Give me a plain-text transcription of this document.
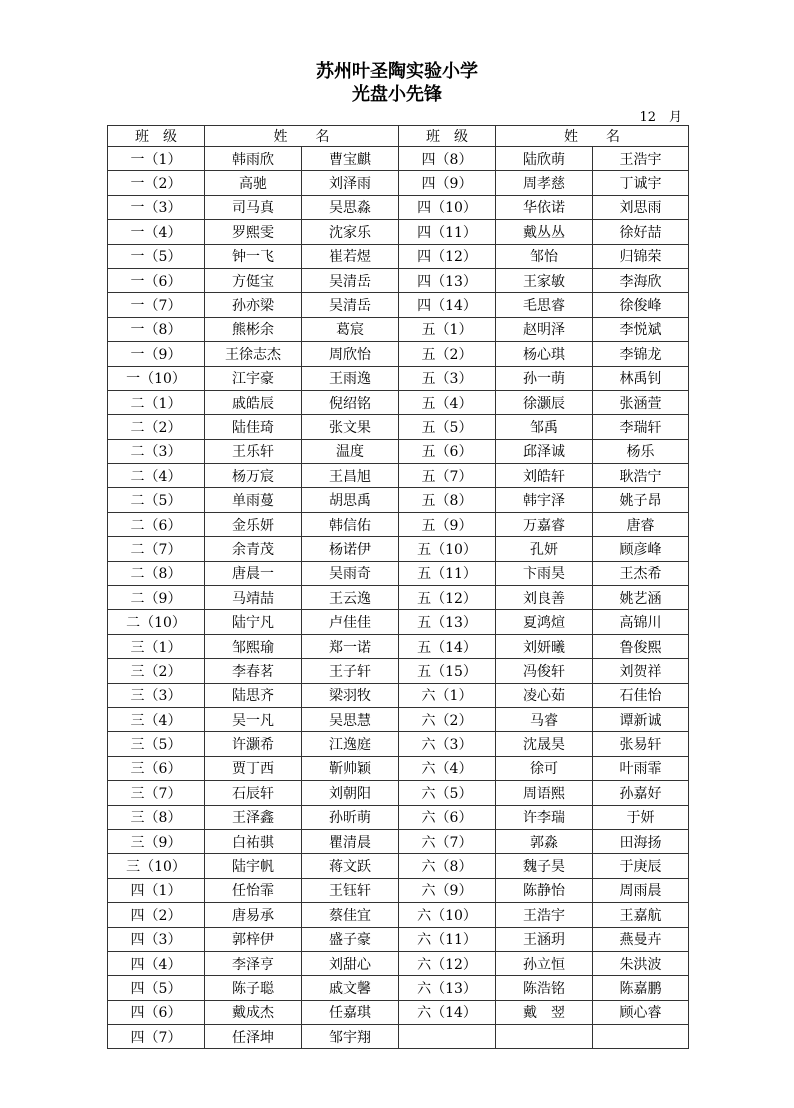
苏州叶圣陶实验小学
光盘小先锋
12　月
班　级	姓　　名		班　级	姓　　名	
一（1）	韩雨欣	曹宝麒	四（8）	陆欣萌	王浩宇
一（2）	高驰	刘泽雨	四（9）	周孝慈	丁诚宇
一（3）	司马真	吴思淼	四（10）	华依诺	刘思雨
一（4）	罗熙雯	沈家乐	四（11）	戴丛丛	徐好喆
一（5）	钟一飞	崔若煜	四（12）	邹怡	归锦荣
一（6）	方侹宝	吴清岳	四（13）	王家敏	李海欣
一（7）	孙亦梁	吴清岳	四（14）	毛思睿	徐俊峰
一（8）	熊彬余	葛宸	五（1）	赵明泽	李悦斌
一（9）	王徐志杰	周欣怡	五（2）	杨心琪	李锦龙
一（10）	江宇豪	王雨逸	五（3）	孙一萌	林禹钊
二（1）	戚皓辰	倪绍铭	五（4）	徐灏辰	张涵萱
二（2）	陆佳琦	张文果	五（5）	邹禹	李瑞轩
二（3）	王乐轩	温度	五（6）	邱泽诚	杨乐
二（4）	杨万宸	王昌旭	五（7）	刘皓轩	耿浩宁
二（5）	单雨蔓	胡思禹	五（8）	韩宇泽	姚子昂
二（6）	金乐妍	韩信佑	五（9）	万嘉睿	唐睿
二（7）	余青茂	杨诺伊	五（10）	孔妍	顾彦峰
二（8）	唐晨一	吴雨奇	五（11）	卞雨昊	王杰希
二（9）	马靖喆	王云逸	五（12）	刘良善	姚艺涵
二（10）	陆宁凡	卢佳佳	五（13）	夏鸿煊	高锦川
三（1）	邹熙瑜	郑一诺	五（14）	刘妍曦	鲁俊熙
三（2）	李春茗	王子轩	五（15）	冯俊轩	刘贺祥
三（3）	陆思齐	梁羽牧	六（1）	凌心茹	石佳怡
三（4）	吴一凡	吴思慧	六（2）	马睿	谭新诚
三（5）	许灏希	江逸庭	六（3）	沈晟昊	张易轩
三（6）	贾丁西	靳帅颖	六（4）	徐可	叶雨霏
三（7）	石辰轩	刘朝阳	六（5）	周语熙	孙嘉好
三（8）	王泽鑫	孙昕萌	六（6）	许李瑞	于妍
三（9）	白祐骐	瞿清晨	六（7）	郭淼	田海扬
三（10）	陆宇帆	蒋文跃	六（8）	魏子昊	于庚辰
四（1）	任怡霏	王钰轩	六（9）	陈静怡	周雨晨
四（2）	唐易承	蔡佳宜	六（10）	王浩宇	王嘉航
四（3）	郭梓伊	盛子豪	六（11）	王涵玥	燕曼卉
四（4）	李泽亨	刘甜心	六（12）	孙立恒	朱洪波
四（5）	陈子聪	戚文馨	六（13）	陈浩铭	陈嘉鹏
四（6）	戴成杰	任嘉琪	六（14）	戴　翌	顾心睿
四（7）	任泽坤	邹宇翔			
